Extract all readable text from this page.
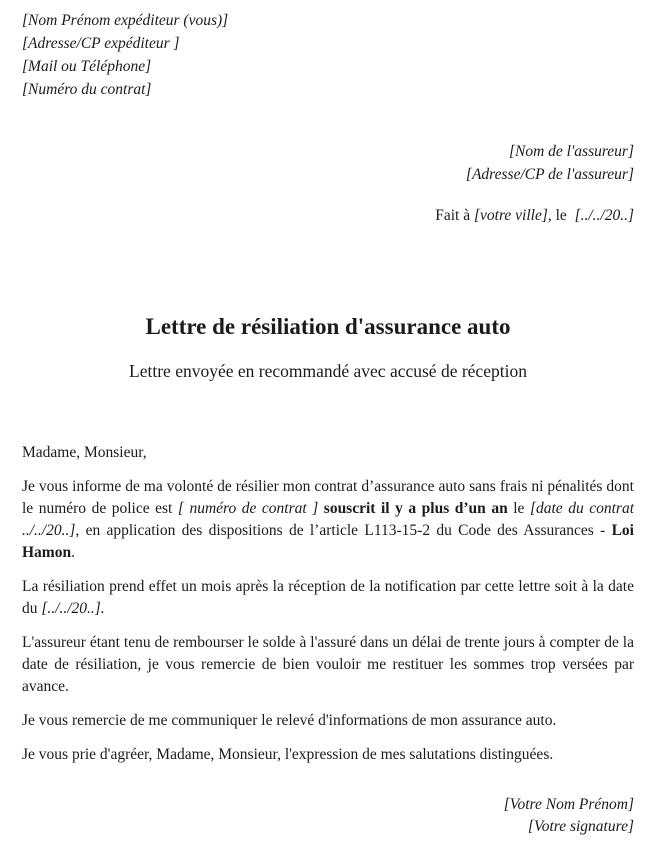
[Nom Prénom expéditeur (vous)]
[Adresse/CP expéditeur ]
[Mail ou Téléphone]
[Numéro du contrat]
[Nom de l'assureur]
[Adresse/CP de l'assureur]
Fait à [votre ville], le  [../../20..]
Lettre de résiliation d'assurance auto
Lettre envoyée en recommandé avec accusé de réception
Madame, Monsieur,
Je vous informe de ma volonté de résilier mon contrat d’assurance auto sans frais ni pénalités dont le numéro de police est [ numéro de contrat ] souscrit il y a plus d’un an le [date du contrat ../../20..], en application des dispositions de l’article L113-15-2 du Code des Assurances - Loi Hamon.
La résiliation prend effet un mois après la réception de la notification par cette lettre soit à la date du [../../20..].
L'assureur étant tenu de rembourser le solde à l'assuré dans un délai de trente jours à compter de la date de résiliation, je vous remercie de bien vouloir me restituer les sommes trop versées par avance.
Je vous remercie de me communiquer le relevé d'informations de mon assurance auto.
Je vous prie d'agréer, Madame, Monsieur, l'expression de mes salutations distinguées.
[Votre Nom Prénom]
[Votre signature]
